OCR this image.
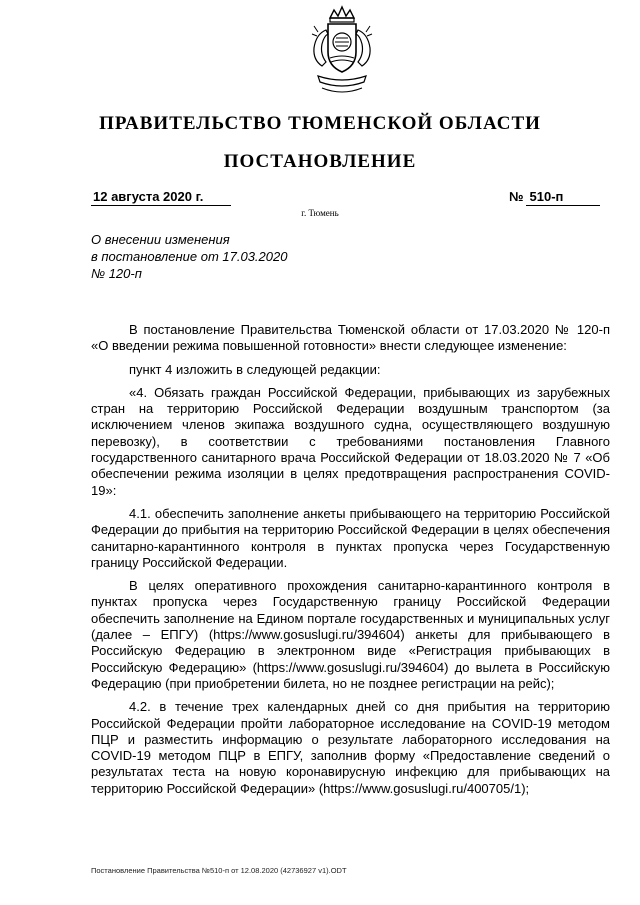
ПРАВИТЕЛЬСТВО ТЮМЕНСКОЙ ОБЛАСТИ
ПОСТАНОВЛЕНИЕ
12 августа 2020 г.	№ 510-п
г. Тюмень
О внесении изменения
в постановление от 17.03.2020
№ 120-п

В постановление Правительства Тюменской области от 17.03.2020 № 120-п «О введении режима повышенной готовности» внести следующее изменение:

пункт 4 изложить в следующей редакции:

«4. Обязать граждан Российской Федерации, прибывающих из зарубежных стран на территорию Российской Федерации воздушным транспортом (за исключением членов экипажа воздушного судна, осуществляющего воздушную перевозку), в соответствии с требованиями постановления Главного государственного санитарного врача Российской Федерации от 18.03.2020 № 7 «Об обеспечении режима изоляции в целях предотвращения распространения COVID-19»:

4.1. обеспечить заполнение анкеты прибывающего на территорию Российской Федерации до прибытия на территорию Российской Федерации в целях обеспечения санитарно-карантинного контроля в пунктах пропуска через Государственную границу Российской Федерации.

В целях оперативного прохождения санитарно-карантинного контроля в пунктах пропуска через Государственную границу Российской Федерации обеспечить заполнение на Едином портале государственных и муниципальных услуг (далее – ЕПГУ) (https://www.gosuslugi.ru/394604) анкеты для прибывающего в Российскую Федерацию в электронном виде «Регистрация прибывающих в Российскую Федерацию» (https://www.gosuslugi.ru/394604) до вылета в Российскую Федерацию (при приобретении билета, но не позднее регистрации на рейс);

4.2. в течение трех календарных дней со дня прибытия на территорию Российской Федерации пройти лабораторное исследование на COVID-19 методом ПЦР и разместить информацию о результате лабораторного исследования на COVID-19 методом ПЦР в ЕПГУ, заполнив форму «Предоставление сведений о результатах теста на новую коронавирусную инфекцию для прибывающих на территорию Российской Федерации» (https://www.gosuslugi.ru/400705/1);

Постановление Правительства №510-п от 12.08.2020 (42736927 v1).ODT
